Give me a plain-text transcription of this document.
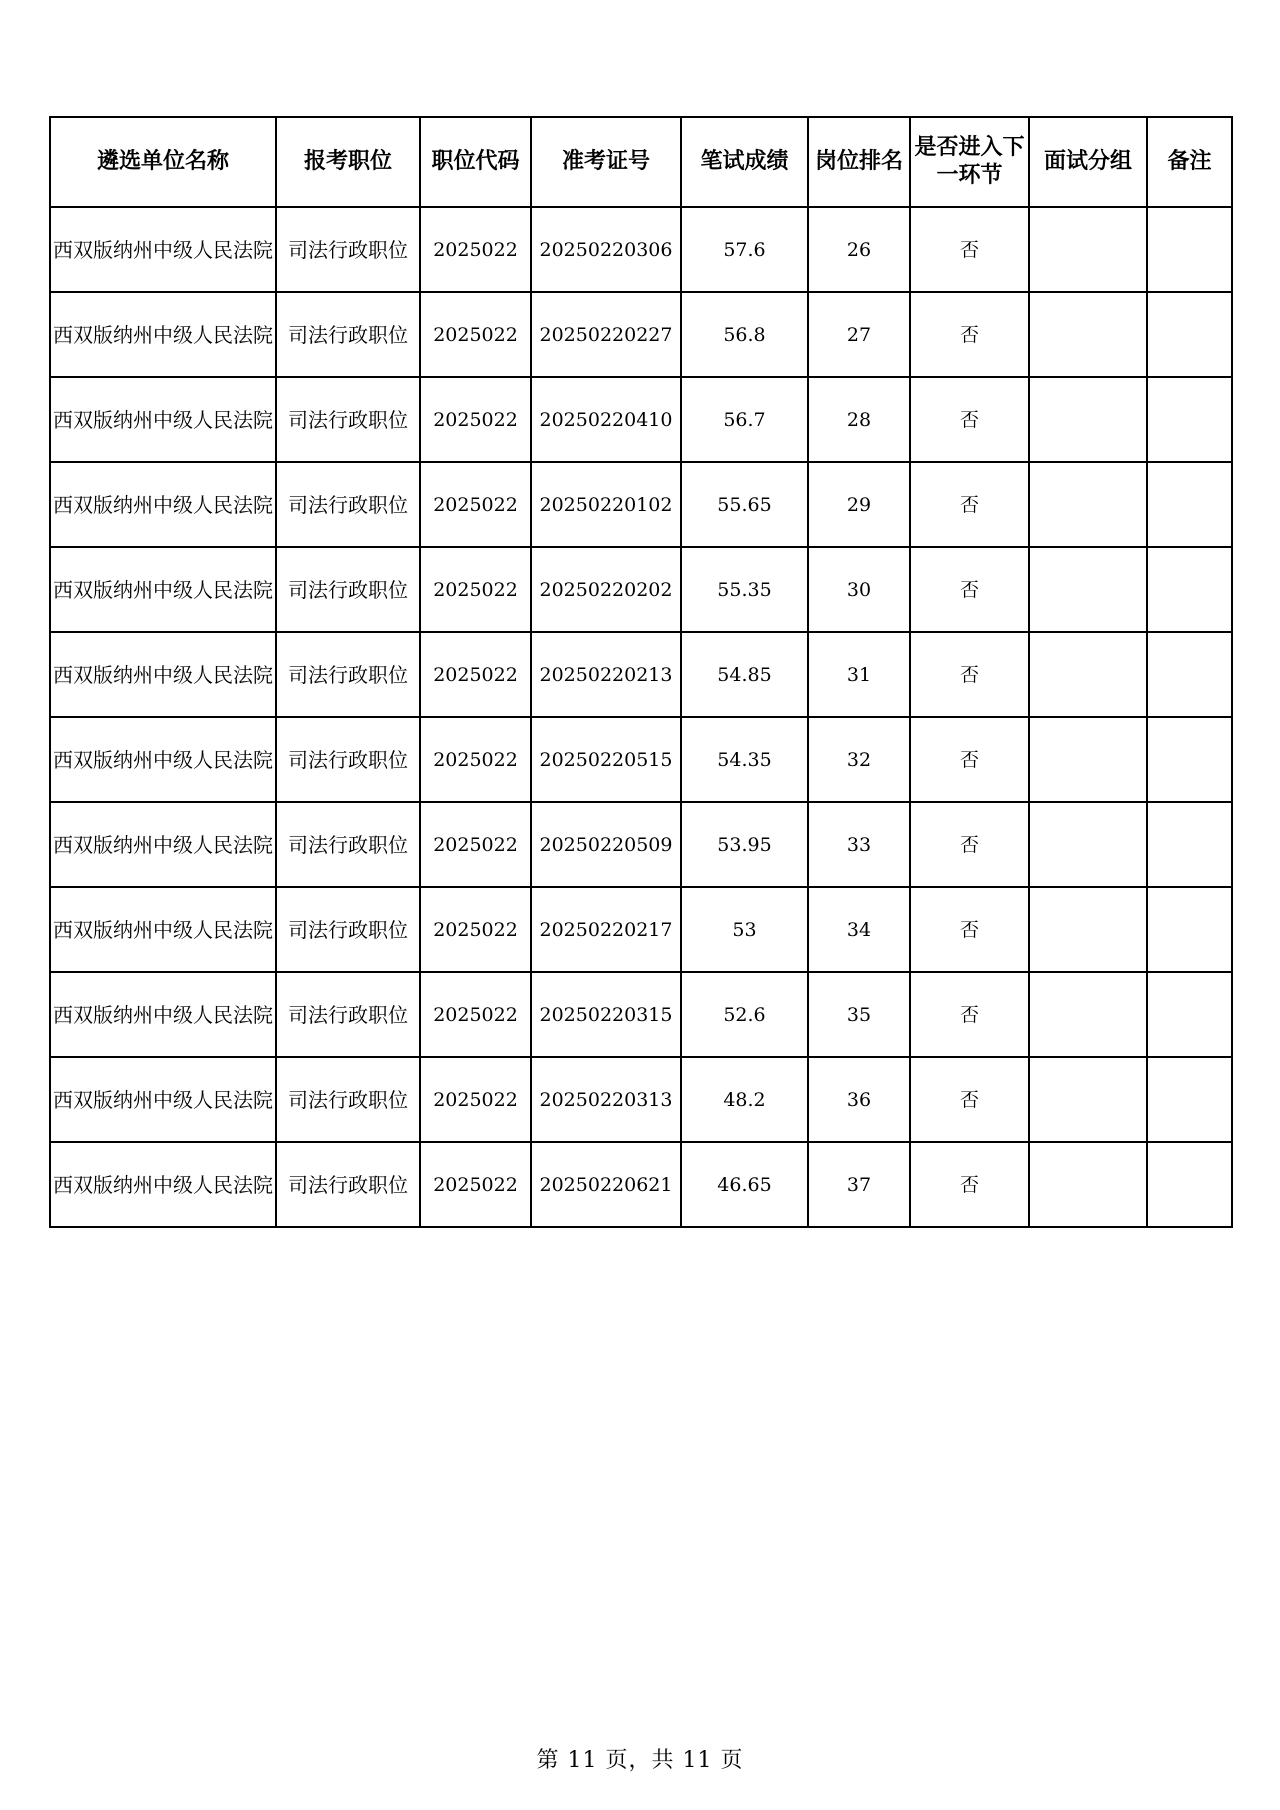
遴选单位名称	报考职位	职位代码	准考证号	笔试成绩	岗位排名	是否进入下一环节	面试分组	备注
西双版纳州中级人民法院	司法行政职位	2025022	20250220306	57.6	26	否		
西双版纳州中级人民法院	司法行政职位	2025022	20250220227	56.8	27	否		
西双版纳州中级人民法院	司法行政职位	2025022	20250220410	56.7	28	否		
西双版纳州中级人民法院	司法行政职位	2025022	20250220102	55.65	29	否		
西双版纳州中级人民法院	司法行政职位	2025022	20250220202	55.35	30	否		
西双版纳州中级人民法院	司法行政职位	2025022	20250220213	54.85	31	否		
西双版纳州中级人民法院	司法行政职位	2025022	20250220515	54.35	32	否		
西双版纳州中级人民法院	司法行政职位	2025022	20250220509	53.95	33	否		
西双版纳州中级人民法院	司法行政职位	2025022	20250220217	53	34	否		
西双版纳州中级人民法院	司法行政职位	2025022	20250220315	52.6	35	否		
西双版纳州中级人民法院	司法行政职位	2025022	20250220313	48.2	36	否		
西双版纳州中级人民法院	司法行政职位	2025022	20250220621	46.65	37	否		
第 11 页，共 11 页
